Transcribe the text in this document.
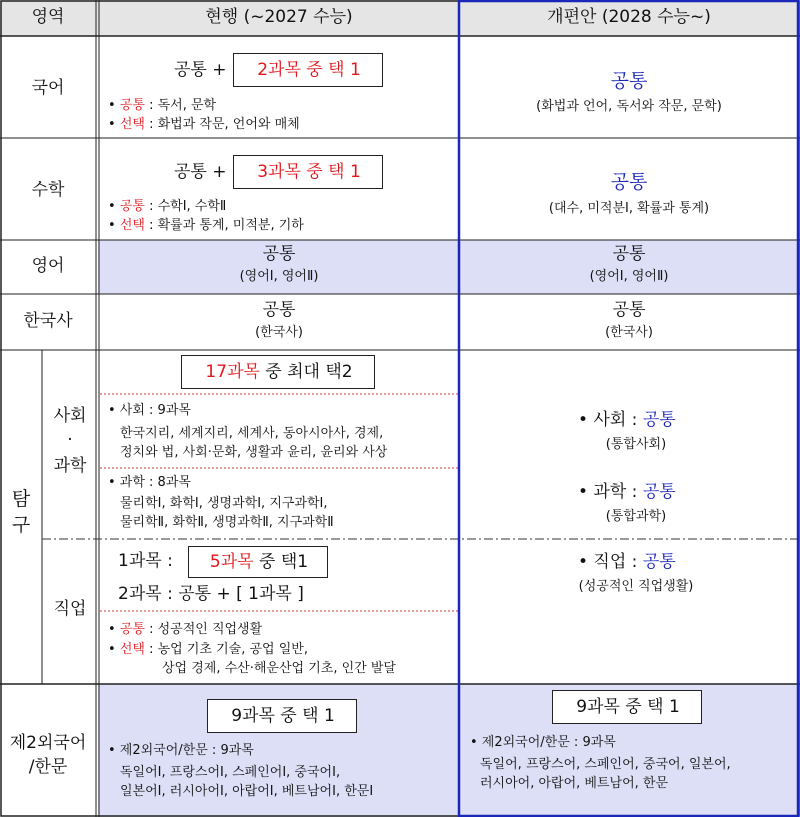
영역	현행 (~2027 수능)	개편안 (2028 수능~)
국어
공통 + 2과목 중 택 1
• 공통 : 독서, 문학
• 선택 : 화법과 작문, 언어와 매체
공통
(화법과 언어, 독서와 작문, 문학)
수학
공통 + 3과목 중 택 1
• 공통 : 수학Ⅰ, 수학Ⅱ
• 선택 : 확률과 통계, 미적분, 기하
공통
(대수, 미적분Ⅰ, 확률과 통계)
영어
공통
(영어Ⅰ, 영어Ⅱ)
공통
(영어Ⅰ, 영어Ⅱ)
한국사
공통
(한국사)
공통
(한국사)
탐
구
사회
·
과학
직업
17과목 중 최대 택2
• 사회 : 9과목
한국지리, 세계지리, 세계사, 동아시아사, 경제,
정치와 법, 사회·문화, 생활과 윤리, 윤리와 사상
• 과학 : 8과목
물리학Ⅰ, 화학Ⅰ, 생명과학Ⅰ, 지구과학Ⅰ,
물리학Ⅱ, 화학Ⅱ, 생명과학Ⅱ, 지구과학Ⅱ
1과목 : 5과목 중 택1
2과목 : 공통 + [ 1과목 ]
• 공통 : 성공적인 직업생활
• 선택 : 농업 기초 기술, 공업 일반,
상업 경제, 수산·해운산업 기초, 인간 발달
• 사회 : 공통
(통합사회)
• 과학 : 공통
(통합과학)
• 직업 : 공통
(성공적인 직업생활)
제2외국어
/한문
9과목 중 택 1
• 제2외국어/한문 : 9과목
독일어Ⅰ, 프랑스어Ⅰ, 스페인어Ⅰ, 중국어Ⅰ,
일본어Ⅰ, 러시아어Ⅰ, 아랍어Ⅰ, 베트남어Ⅰ, 한문Ⅰ
9과목 중 택 1
• 제2외국어/한문 : 9과목
독일어, 프랑스어, 스페인어, 중국어, 일본어,
러시아어, 아랍어, 베트남어, 한문
